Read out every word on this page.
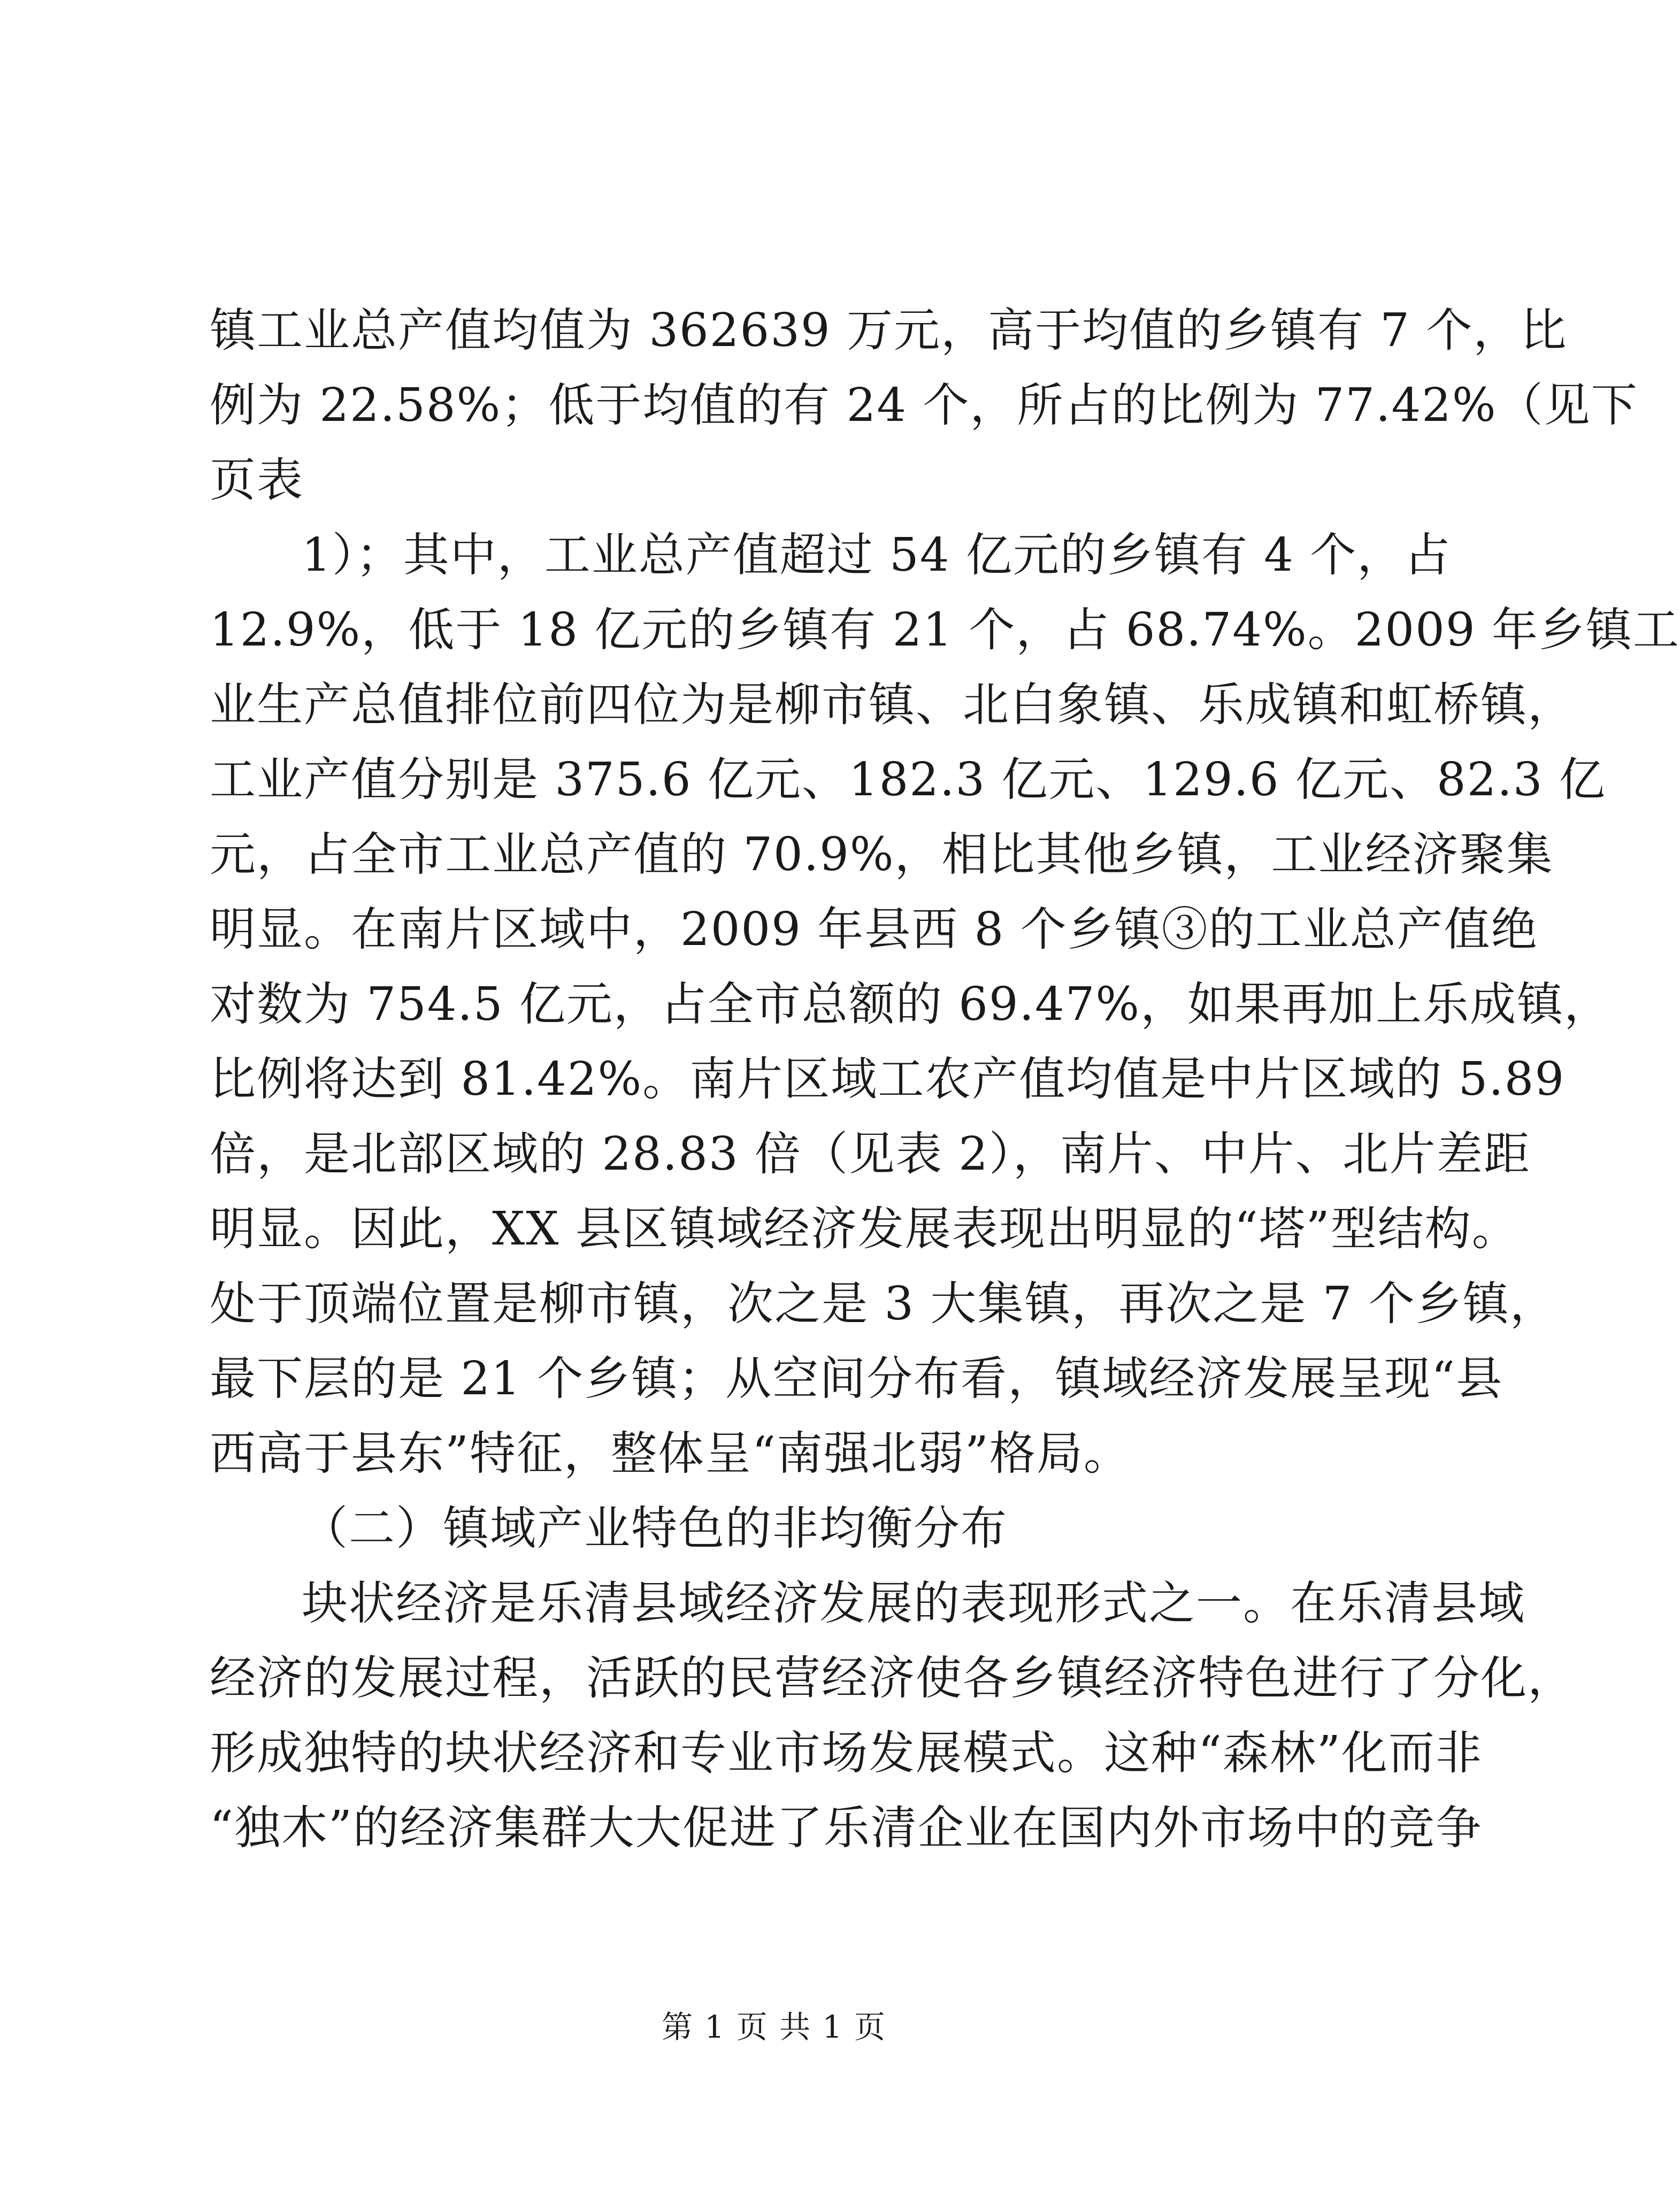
镇工业总产值均值为 362639 万元，高于均值的乡镇有 7 个，比
例为 22.58%；低于均值的有 24 个，所占的比例为 77.42%（见下
页表
1）；其中，工业总产值超过 54 亿元的乡镇有 4 个，占
12.9%，低于 18 亿元的乡镇有 21 个，占 68.74%。2009 年乡镇工
业生产总值排位前四位为是柳市镇、北白象镇、乐成镇和虹桥镇，
工业产值分别是 375.6 亿元、182.3 亿元、129.6 亿元、82.3 亿
元，占全市工业总产值的 70.9%，相比其他乡镇，工业经济聚集
明显。在南片区域中，2009 年县西 8 个乡镇③的工业总产值绝
对数为 754.5 亿元，占全市总额的 69.47%，如果再加上乐成镇，
比例将达到 81.42%。南片区域工农产值均值是中片区域的 5.89
倍，是北部区域的 28.83 倍（见表 2），南片、中片、北片差距
明显。因此，XX 县区镇域经济发展表现出明显的“塔”型结构。
处于顶端位置是柳市镇，次之是 3 大集镇，再次之是 7 个乡镇，
最下层的是 21 个乡镇；从空间分布看，镇域经济发展呈现“县
西高于县东”特征，整体呈“南强北弱”格局。
（二）镇域产业特色的非均衡分布
块状经济是乐清县域经济发展的表现形式之一。在乐清县域
经济的发展过程，活跃的民营经济使各乡镇经济特色进行了分化，
形成独特的块状经济和专业市场发展模式。这种“森林”化而非
“独木”的经济集群大大促进了乐清企业在国内外市场中的竞争
第 1 页 共 1 页
